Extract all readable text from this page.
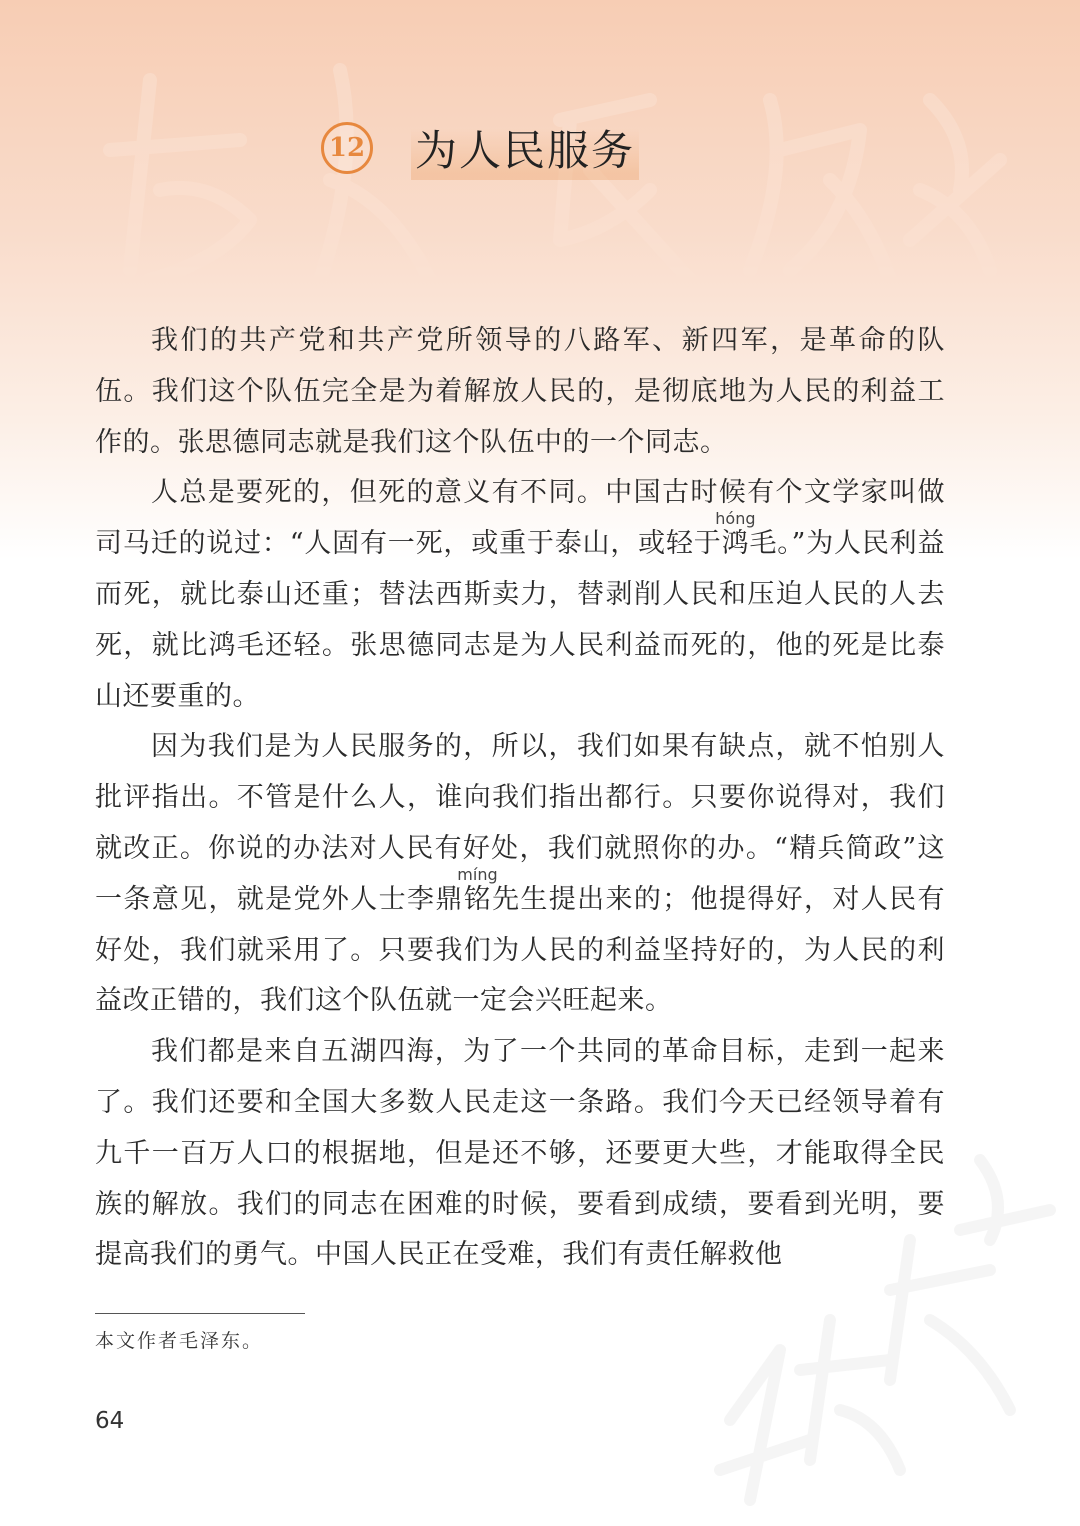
12 为人民服务

我们的共产党和共产党所领导的八路军、新四军，是革命的队伍。我们这个队伍完全是为着解放人民的，是彻底地为人民的利益工作的。张思德同志就是我们这个队伍中的一个同志。

人总是要死的，但死的意义有不同。中国古时候有个文学家叫做司马迁的说过：“人固有一死，或重于泰山，或轻于鸿hóng毛。”为人民利益而死，就比泰山还重；替法西斯卖力，替剥削人民和压迫人民的人去死，就比鸿毛还轻。张思德同志是为人民利益而死的，他的死是比泰山还要重的。

因为我们是为人民服务的，所以，我们如果有缺点，就不怕别人批评指出。不管是什么人，谁向我们指出都行。只要你说得对，我们就改正。你说的办法对人民有好处，我们就照你的办。“精兵简政”这一条意见，就是党外人士李鼎铭míng先生提出来的；他提得好，对人民有好处，我们就采用了。只要我们为人民的利益坚持好的，为人民的利益改正错的，我们这个队伍就一定会兴旺起来。

我们都是来自五湖四海，为了一个共同的革命目标，走到一起来了。我们还要和全国大多数人民走这一条路。我们今天已经领导着有九千一百万人口的根据地，但是还不够，还要更大些，才能取得全民族的解放。我们的同志在困难的时候，要看到成绩，要看到光明，要提高我们的勇气。中国人民正在受难，我们有责任解救他

本文作者毛泽东。
64
